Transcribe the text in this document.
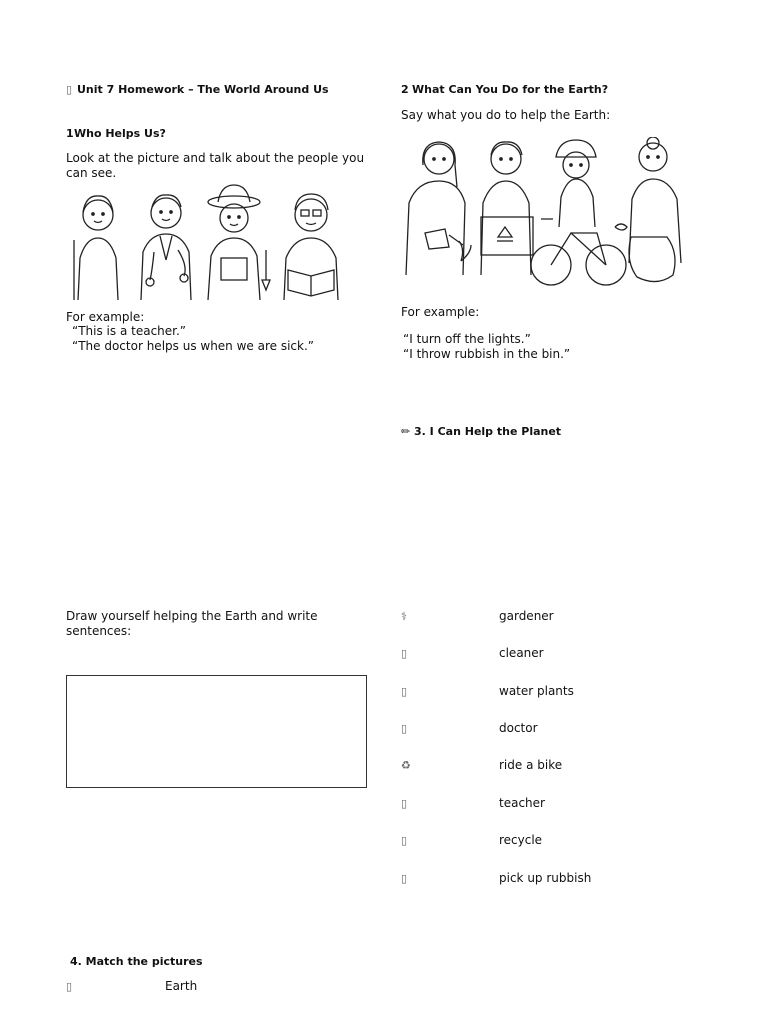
▯ Unit 7 Homework – The World Around Us
1 Who Helps Us?
Look at the picture and talk about the people you can see.
For example:
“This is a teacher.”
“The doctor helps us when we are sick.”
2 What Can You Do for the Earth?
Say what you do to help the Earth:
For example:
“I turn off the lights.”
“I throw rubbish in the bin.”
✏ 3. I Can Help the Planet
Draw yourself helping the Earth and write sentences:
⚕	gardener
▯	cleaner
▯	water plants
▯	doctor
♻	ride a bike
▯	teacher
▯	recycle
▯	pick up rubbish
4. Match the pictures
▯	Earth
